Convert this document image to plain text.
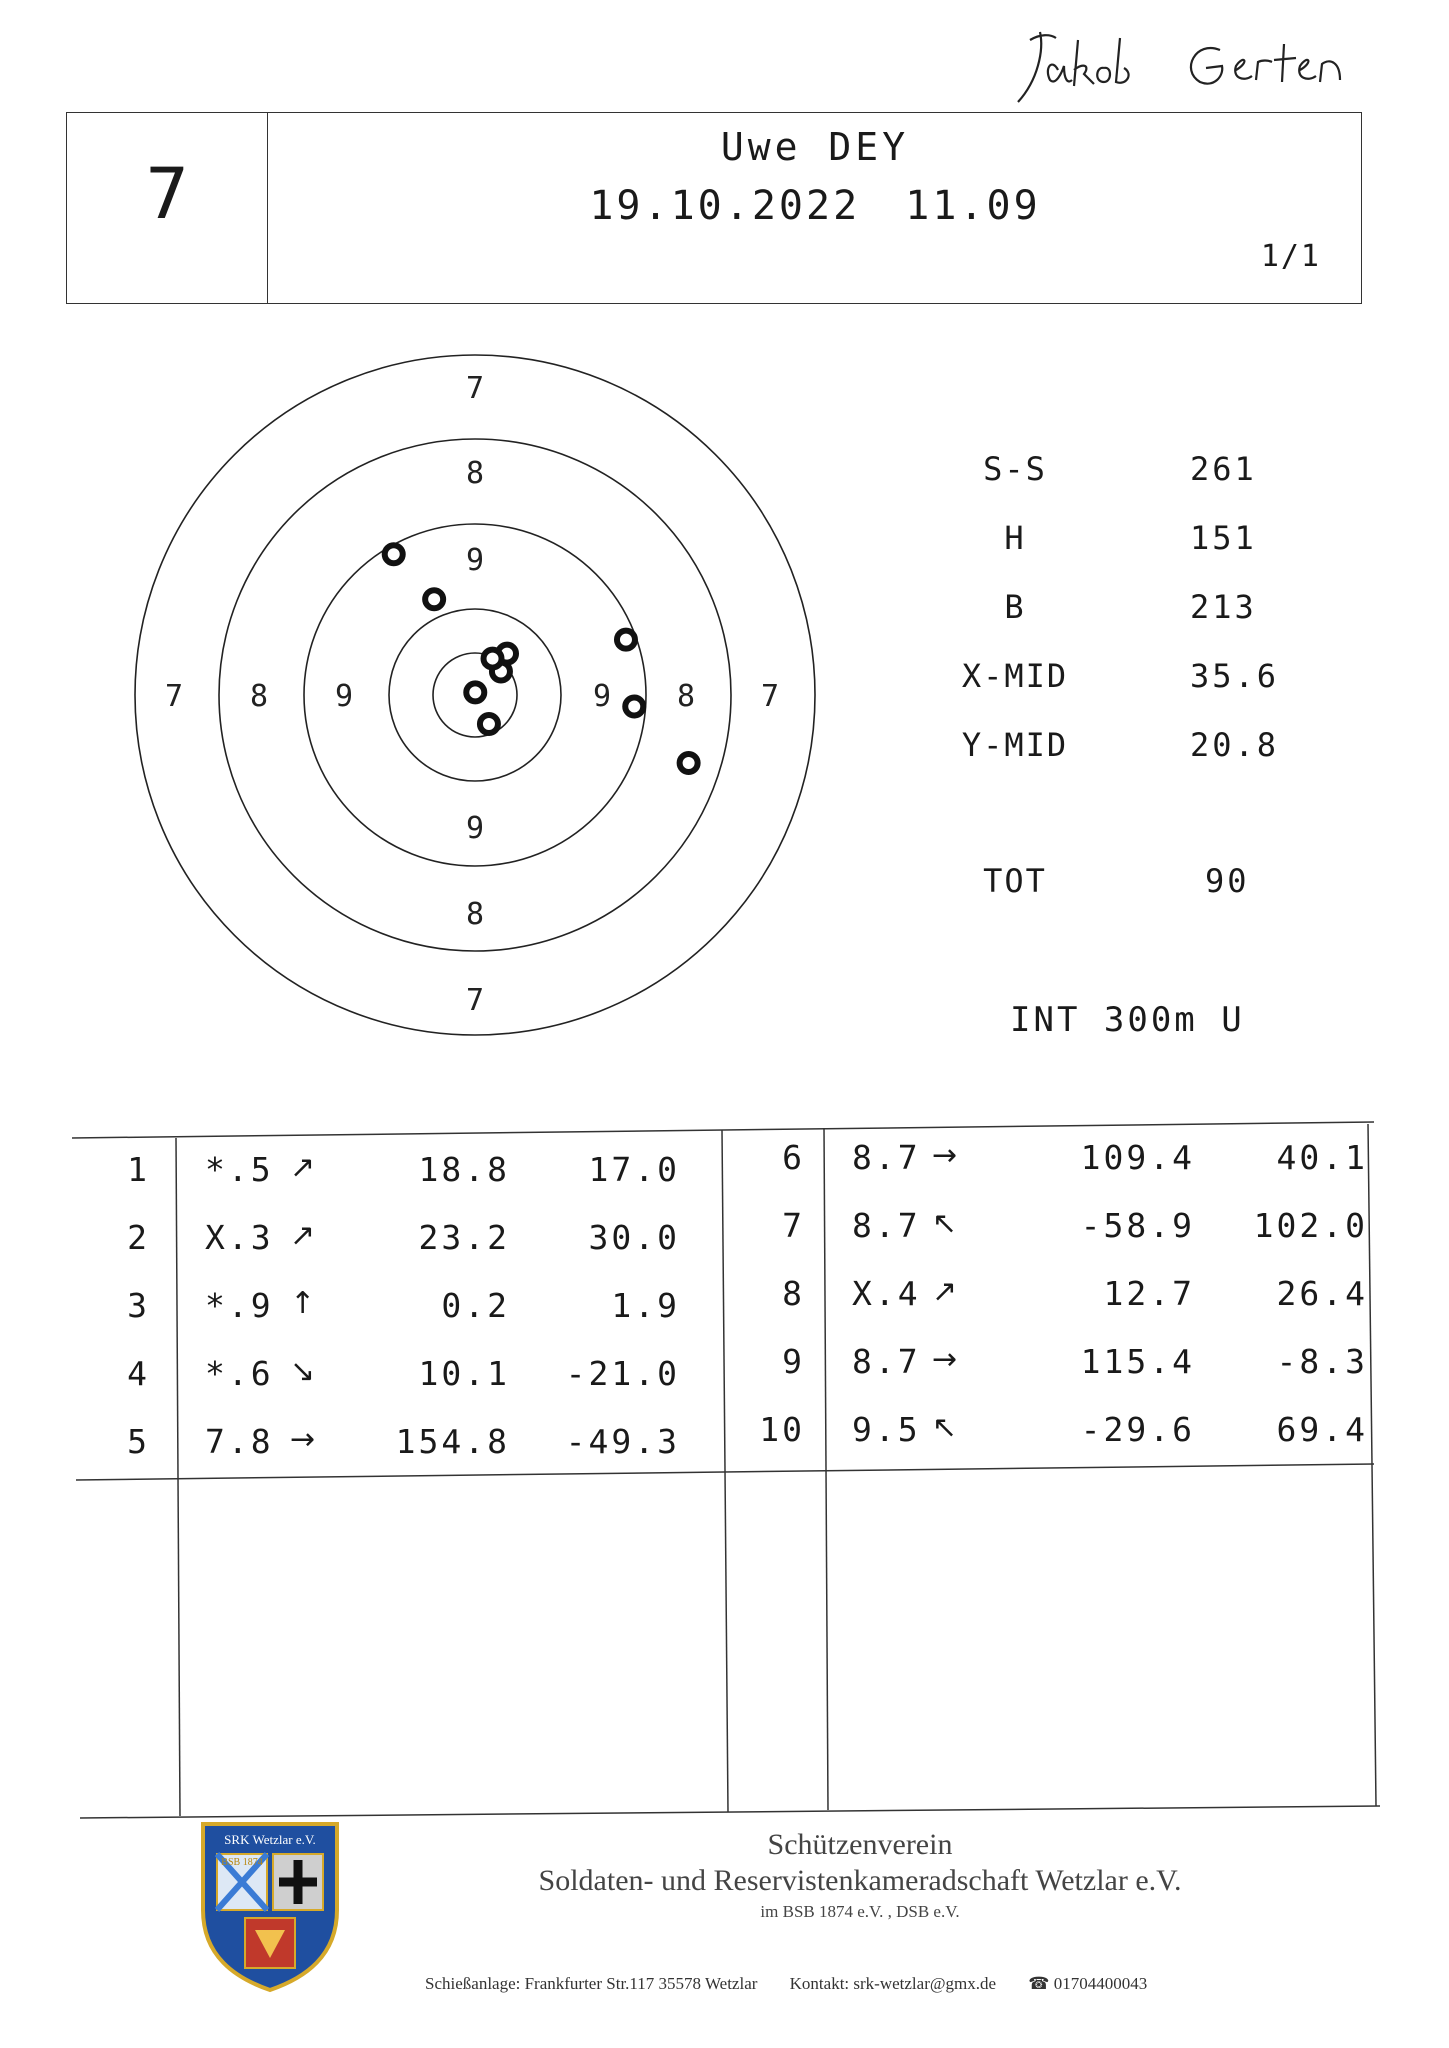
7
Uwe DEY
19.10.2022 11.09
1/1
7
8
9
7 8 9	9 8 7
9
8
7
S-S	261
H	151
B	213
X-MID	35.6
Y-MID	20.8
TOT	90
INT 300m U
1 *.5 ↗	18.8 17.0
2 X.3 ↗	23.2 30.0
3 *.9 ↑	0.2	1.9
4 *.6 ↘	10.1 -21.0
5 7.8 → 154.8 -49.3
6 8.7 →	109.4 40.1
7 8.7 ↖	-58.9 102.0
8 X.4 ↗	12.7 26.4
9 8.7 →	115.4 -8.3
10 9.5 ↖	-29.6 69.4
SRK Wetzlar e.V.
BSB 1874
Schützenverein
Soldaten- und Reservistenkameradschaft Wetzlar e.V.
im BSB 1874 e.V. , DSB e.V.
Schießanlage: Frankfurter Str.117 35578 Wetzlar Kontakt: srk-wetzlar@gmx.de ☎ 01704400043
